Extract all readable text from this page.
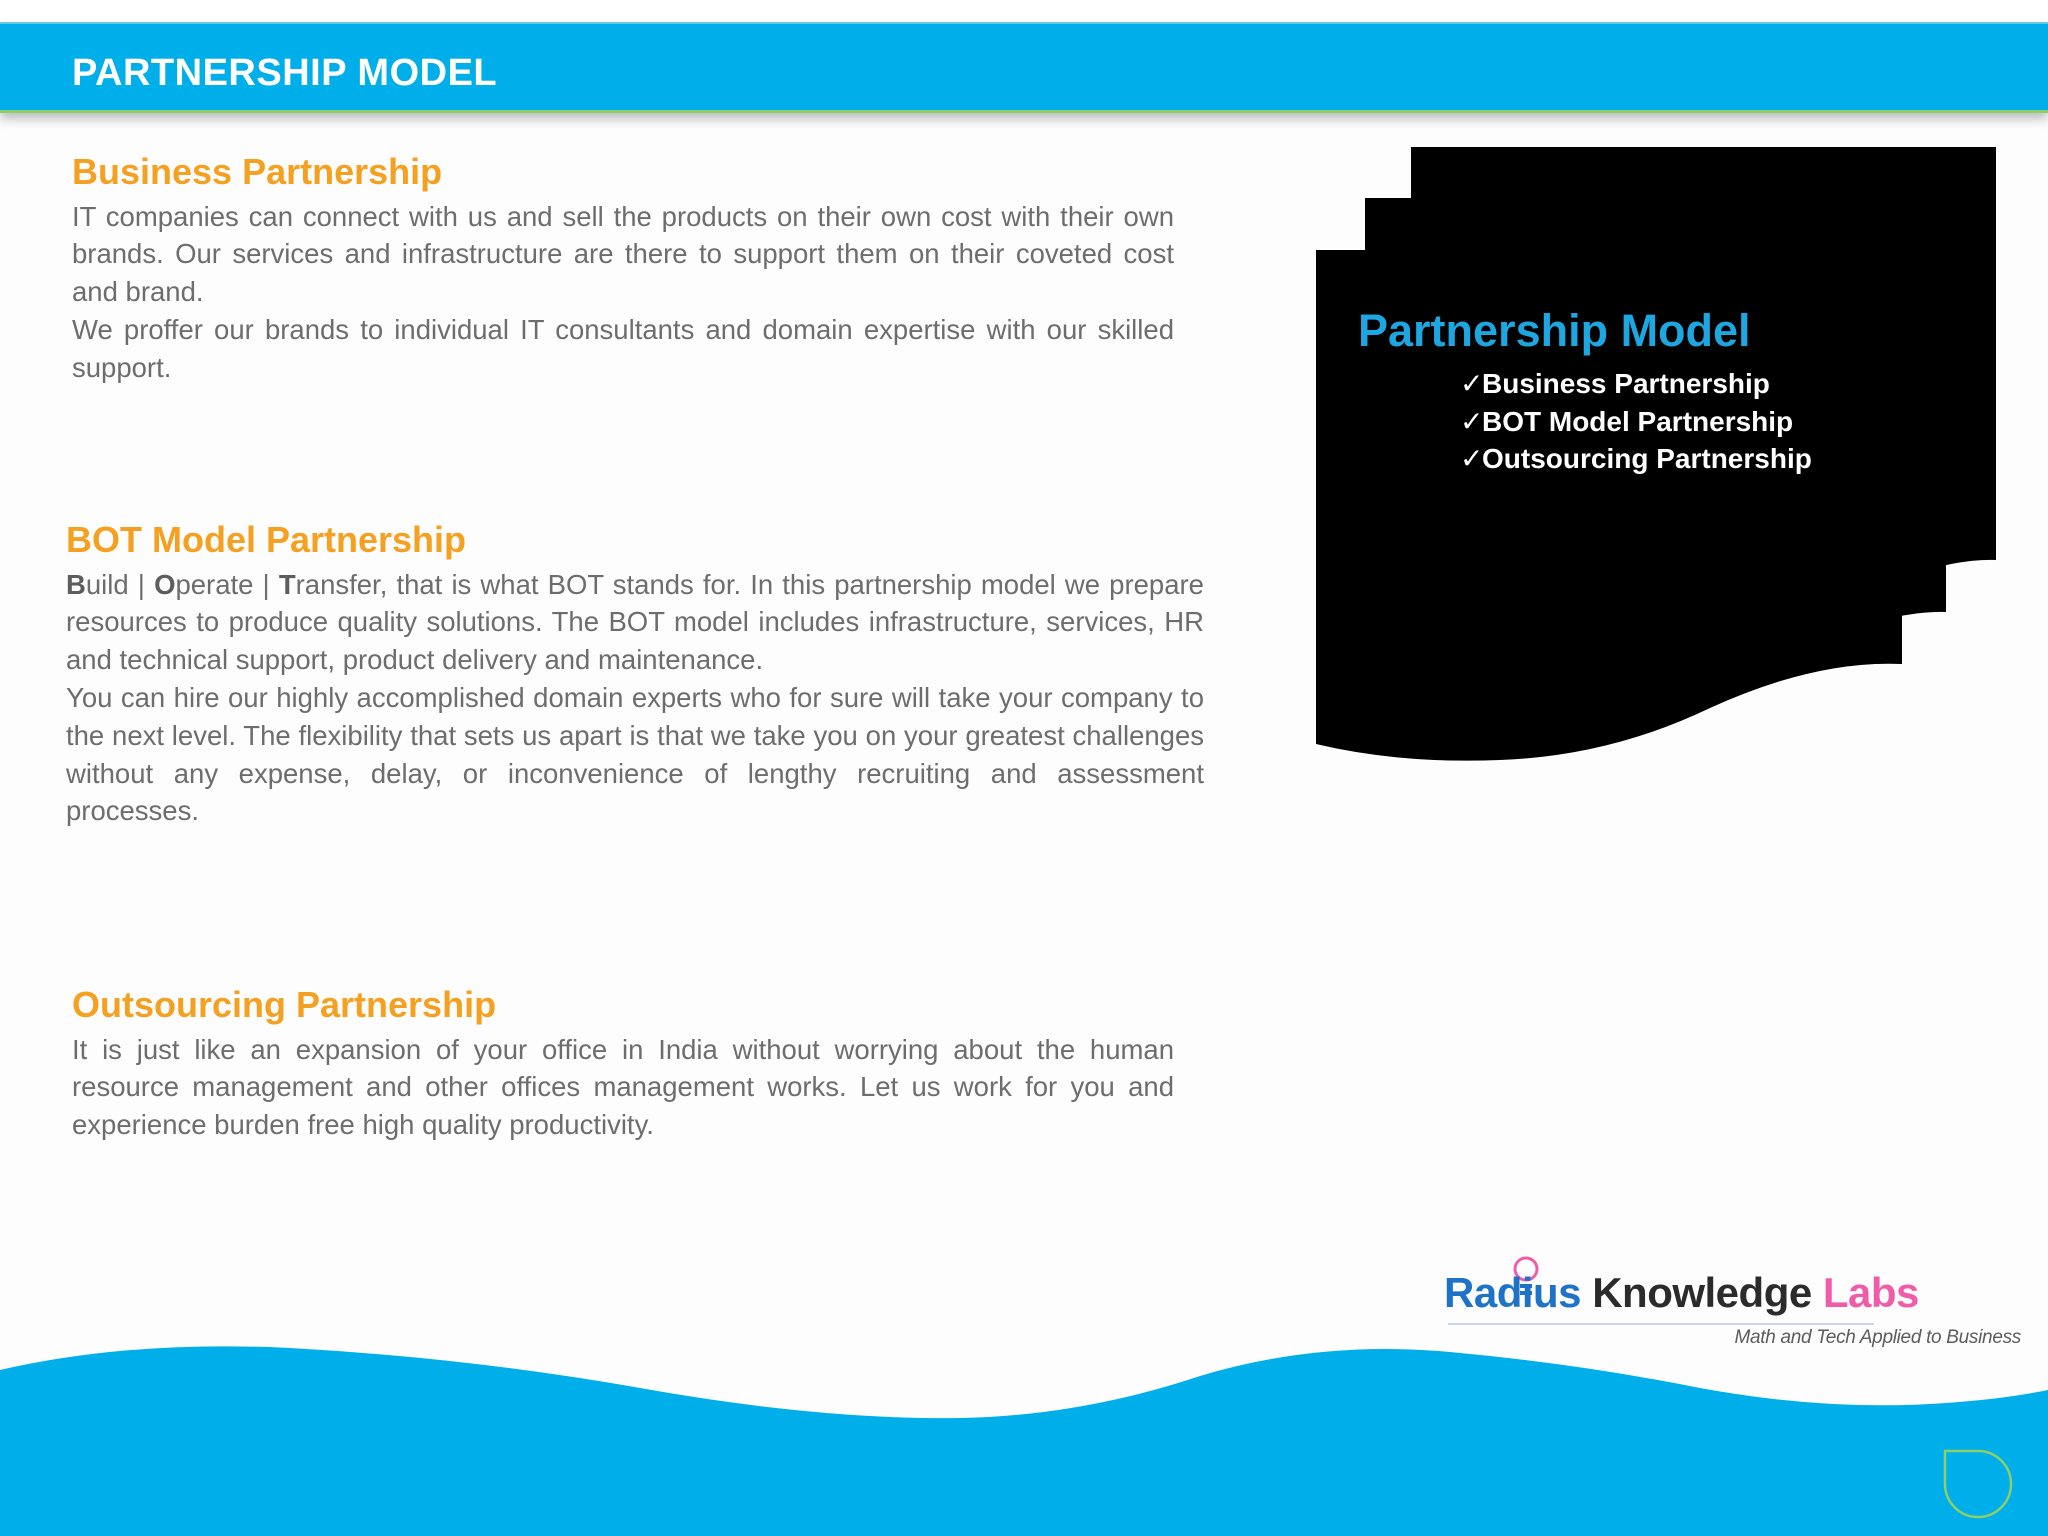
PARTNERSHIP MODEL
Business Partnership

IT companies can connect with us and sell the products on their own cost with their own brands. Our services and infrastructure are there to support them on their coveted cost and brand.

We proffer our brands to individual IT consultants and domain expertise with our skilled support.

BOT Model Partnership

Build | Operate | Transfer, that is what BOT stands for. In this partnership model we prepare resources to produce quality solutions. The BOT model includes infrastructure, services, HR and technical support, product delivery and maintenance.

You can hire our highly accomplished domain experts who for sure will take your company to the next level. The flexibility that sets us apart is that we take you on your greatest challenges without any expense, delay, or inconvenience of lengthy recruiting and assessment processes.

Outsourcing Partnership

It is just like an expansion of your office in India without worrying about the human resource management and other offices management works. Let us work for you and experience burden free high quality productivity.

Partnership Model
✓Business Partnership
✓BOT Model Partnership
✓Outsourcing Partnership
Radius Knowledge Labs

Math and Tech Applied to Business
